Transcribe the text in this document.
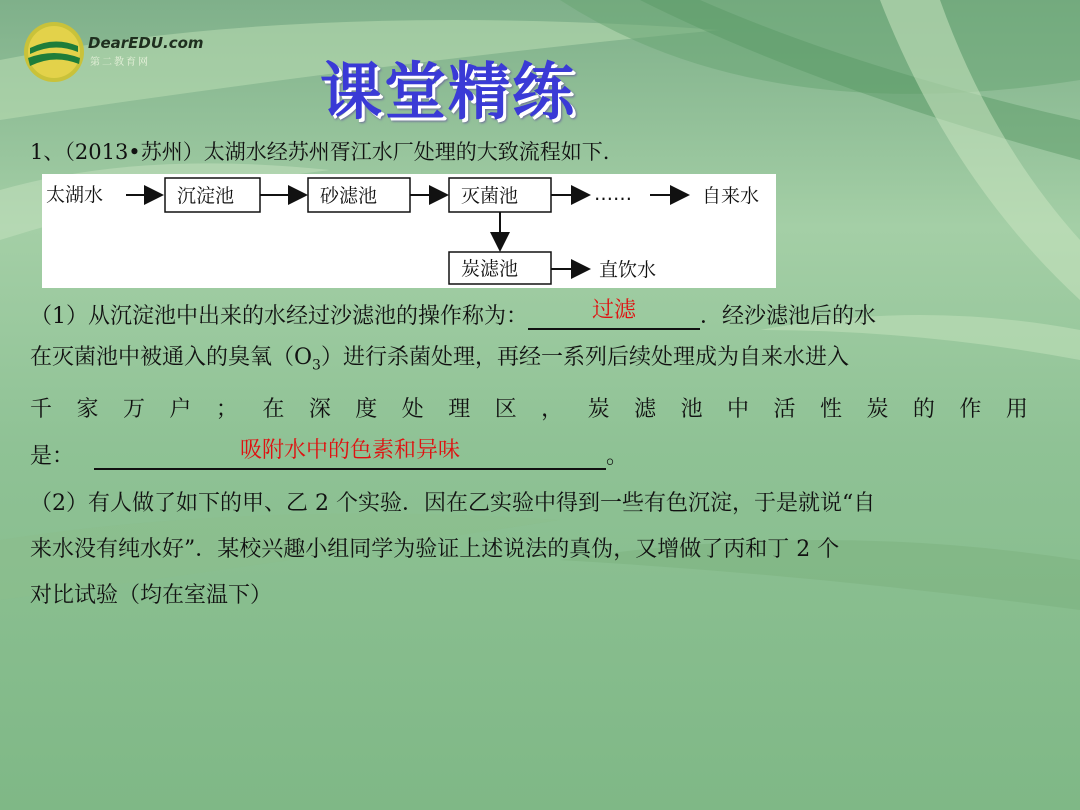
DearEDU.com
第二教育网	课堂精练
1、（2013•苏州）太湖水经苏州胥江水厂处理的大致流程如下.
太湖水	沉淀池	砂滤池	灭菌池	……	自来水
炭滤池	直饮水
（1）从沉淀池中出来的水经过沙滤池的操作称为：	过滤	．经沙滤池后的水
在灭菌池中被通入的臭氧$(O_3)$进行杀菌处理，再经一系列后续处理成为自来水进入
千 家 万 户 ； 在 深 度 处 理 区 ， 炭 滤 池 中 活 性 炭 的 作 用
是：	吸附水中的色素和异味	。
（2）有人做了如下的甲、乙 2 个实验．因在乙实验中得到一些有色沉淀，于是就说“自
来水没有纯水好”．某校兴趣小组同学为验证上述说法的真伪，又增做了丙和丁 2 个
对比试验（均在室温下）
